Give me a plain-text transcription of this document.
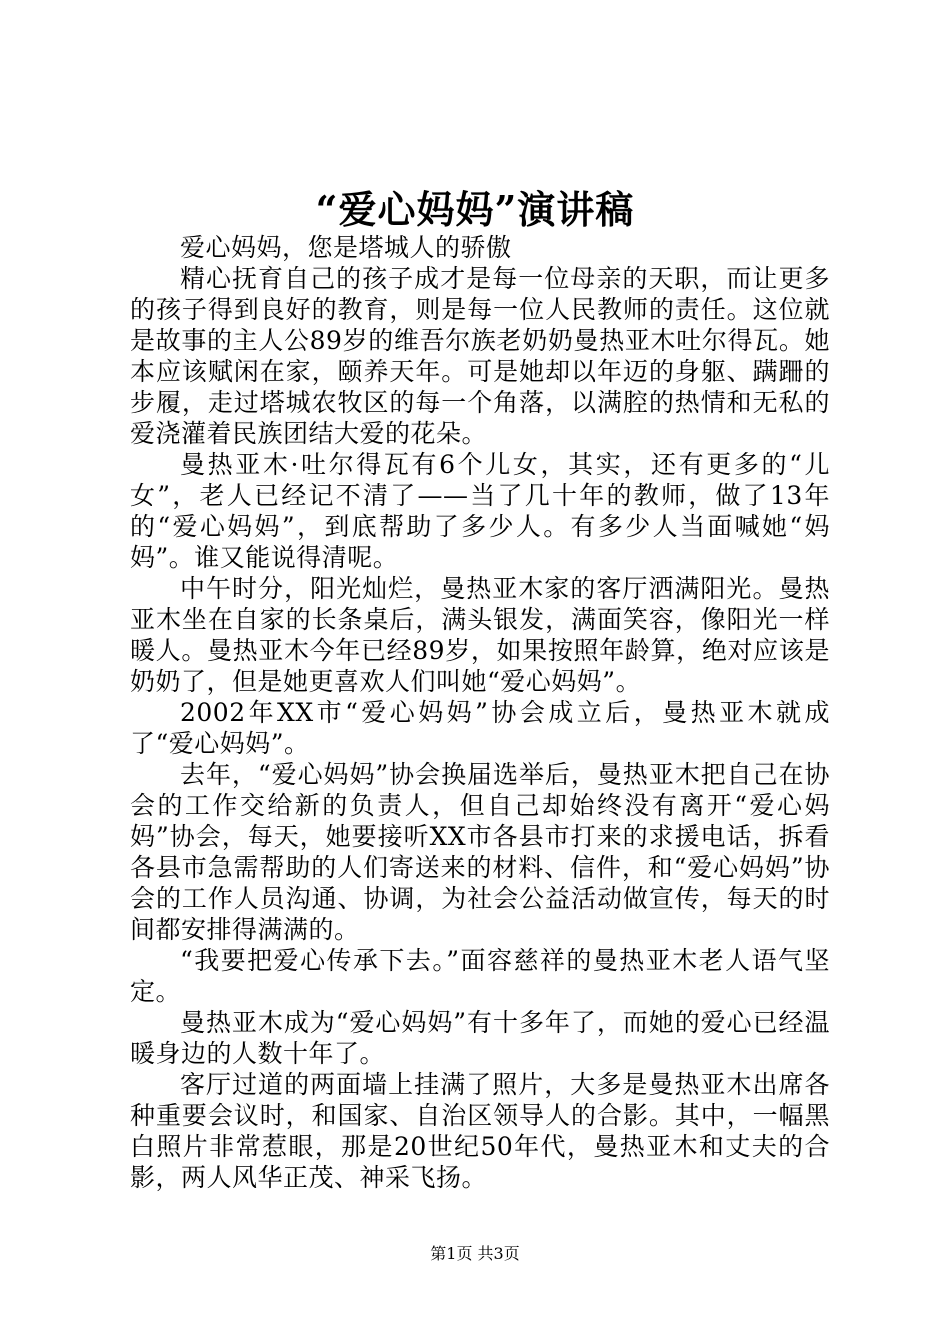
“爱心妈妈”演讲稿

爱心妈妈，您是塔城人的骄傲

精心抚育自己的孩子成才是每一位母亲的天职，而让更多的孩子得到良好的教育，则是每一位人民教师的责任。这位就是故事的主人公89岁的维吾尔族老奶奶曼热亚木吐尔得瓦。她本应该赋闲在家，颐养天年。可是她却以年迈的身躯、蹒跚的步履，走过塔城农牧区的每一个角落，以满腔的热情和无私的爱浇灌着民族团结大爱的花朵。

曼热亚木·吐尔得瓦有6个儿女，其实，还有更多的“儿女”，老人已经记不清了——当了几十年的教师，做了13年的“爱心妈妈”，到底帮助了多少人。有多少人当面喊她“妈妈”。谁又能说得清呢。

中午时分，阳光灿烂，曼热亚木家的客厅洒满阳光。曼热亚木坐在自家的长条桌后，满头银发，满面笑容，像阳光一样暖人。曼热亚木今年已经89岁，如果按照年龄算，绝对应该是奶奶了，但是她更喜欢人们叫她“爱心妈妈”。

2002年XX市“爱心妈妈”协会成立后，曼热亚木就成了“爱心妈妈”。

去年，“爱心妈妈”协会换届选举后，曼热亚木把自己在协会的工作交给新的负责人，但自己却始终没有离开“爱心妈妈”协会，每天，她要接听XX市各县市打来的求援电话，拆看各县市急需帮助的人们寄送来的材料、信件，和“爱心妈妈”协会的工作人员沟通、协调，为社会公益活动做宣传，每天的时间都安排得满满的。

“我要把爱心传承下去。”面容慈祥的曼热亚木老人语气坚定。

曼热亚木成为“爱心妈妈”有十多年了，而她的爱心已经温暖身边的人数十年了。

客厅过道的两面墙上挂满了照片，大多是曼热亚木出席各种重要会议时，和国家、自治区领导人的合影。其中，一幅黑白照片非常惹眼，那是20世纪50年代，曼热亚木和丈夫的合影，两人风华正茂、神采飞扬。

第1页 共3页
